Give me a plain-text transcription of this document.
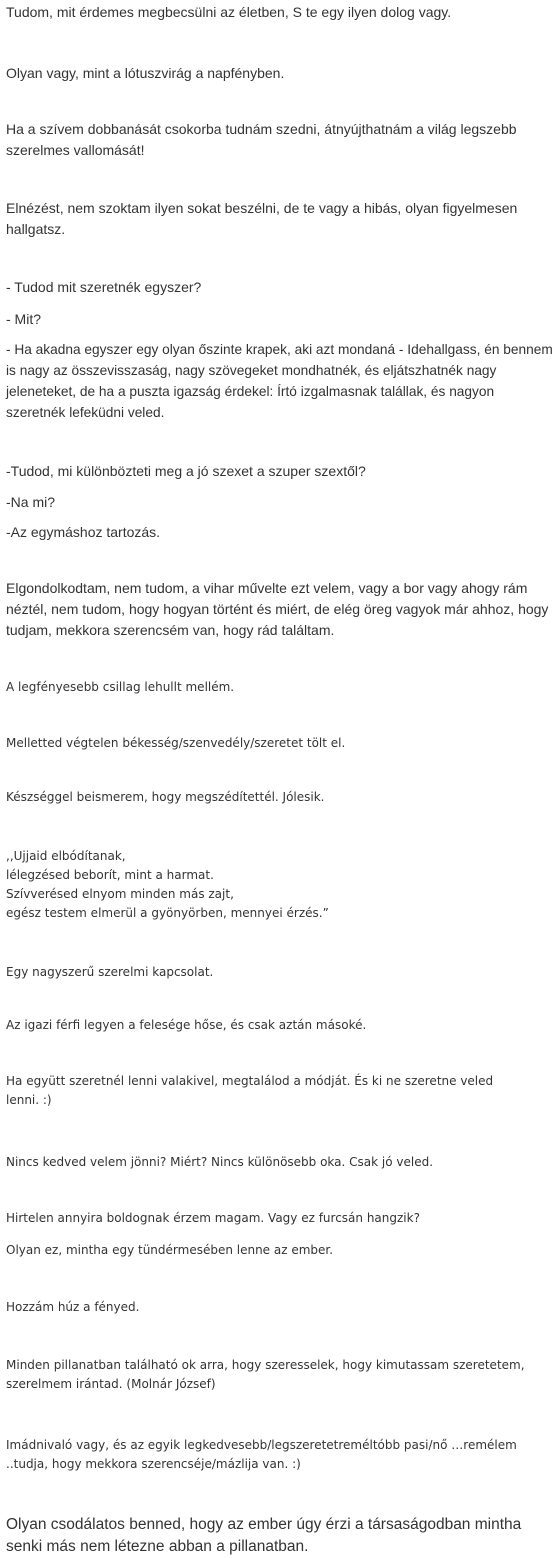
Tudom, mit érdemes megbecsülni az életben, S te egy ilyen dolog vagy.
Olyan vagy, mint a lótuszvirág a napfényben.
Ha a szívem dobbanását csokorba tudnám szedni, átnyújthatnám a világ legszebb
szerelmes vallomását!
Elnézést, nem szoktam ilyen sokat beszélni, de te vagy a hibás, olyan figyelmesen
hallgatsz.
- Tudod mit szeretnék egyszer?
- Mit?
- Ha akadna egyszer egy olyan őszinte krapek, aki azt mondaná - Idehallgass, én bennem
is nagy az összevisszaság, nagy szövegeket mondhatnék, és eljátszhatnék nagy
jeleneteket, de ha a puszta igazság érdekel: Írtó izgalmasnak talállak, és nagyon
szeretnék lefeküdni veled.
-Tudod, mi különbözteti meg a jó szexet a szuper szextől?
-Na mi?
-Az egymáshoz tartozás.
Elgondolkodtam, nem tudom, a vihar művelte ezt velem, vagy a bor vagy ahogy rám
néztél, nem tudom, hogy hogyan történt és miért, de elég öreg vagyok már ahhoz, hogy
tudjam, mekkora szerencsém van, hogy rád találtam.
A legfényesebb csillag lehullt mellém.
Melletted végtelen békesség/szenvedély/szeretet tölt el.
Készséggel beismerem, hogy megszédítettél. Jólesik.
,,Ujjaid elbódítanak,
lélegzésed beborít, mint a harmat.
Szívverésed elnyom minden más zajt,
egész testem elmerül a gyönyörben, mennyei érzés.”
Egy nagyszerű szerelmi kapcsolat.
Az igazi férfi legyen a felesége hőse, és csak aztán másoké.
Ha együtt szeretnél lenni valakivel, megtalálod a módját. És ki ne szeretne veled
lenni. :)
Nincs kedved velem jönni? Miért? Nincs különösebb oka. Csak jó veled.
Hirtelen annyira boldognak érzem magam. Vagy ez furcsán hangzik?
Olyan ez, mintha egy tündérmesében lenne az ember.
Hozzám húz a fényed.
Minden pillanatban található ok arra, hogy szeresselek, hogy kimutassam szeretetem,
szerelmem irántad. (Molnár József)
Imádnivaló vagy, és az egyik legkedvesebb/legszeretetreméltóbb pasi/nő …remélem
..tudja, hogy mekkora szerencséje/mázlija van. :)
Olyan csodálatos benned, hogy az ember úgy érzi a társaságodban mintha
senki más nem létezne abban a pillanatban.
